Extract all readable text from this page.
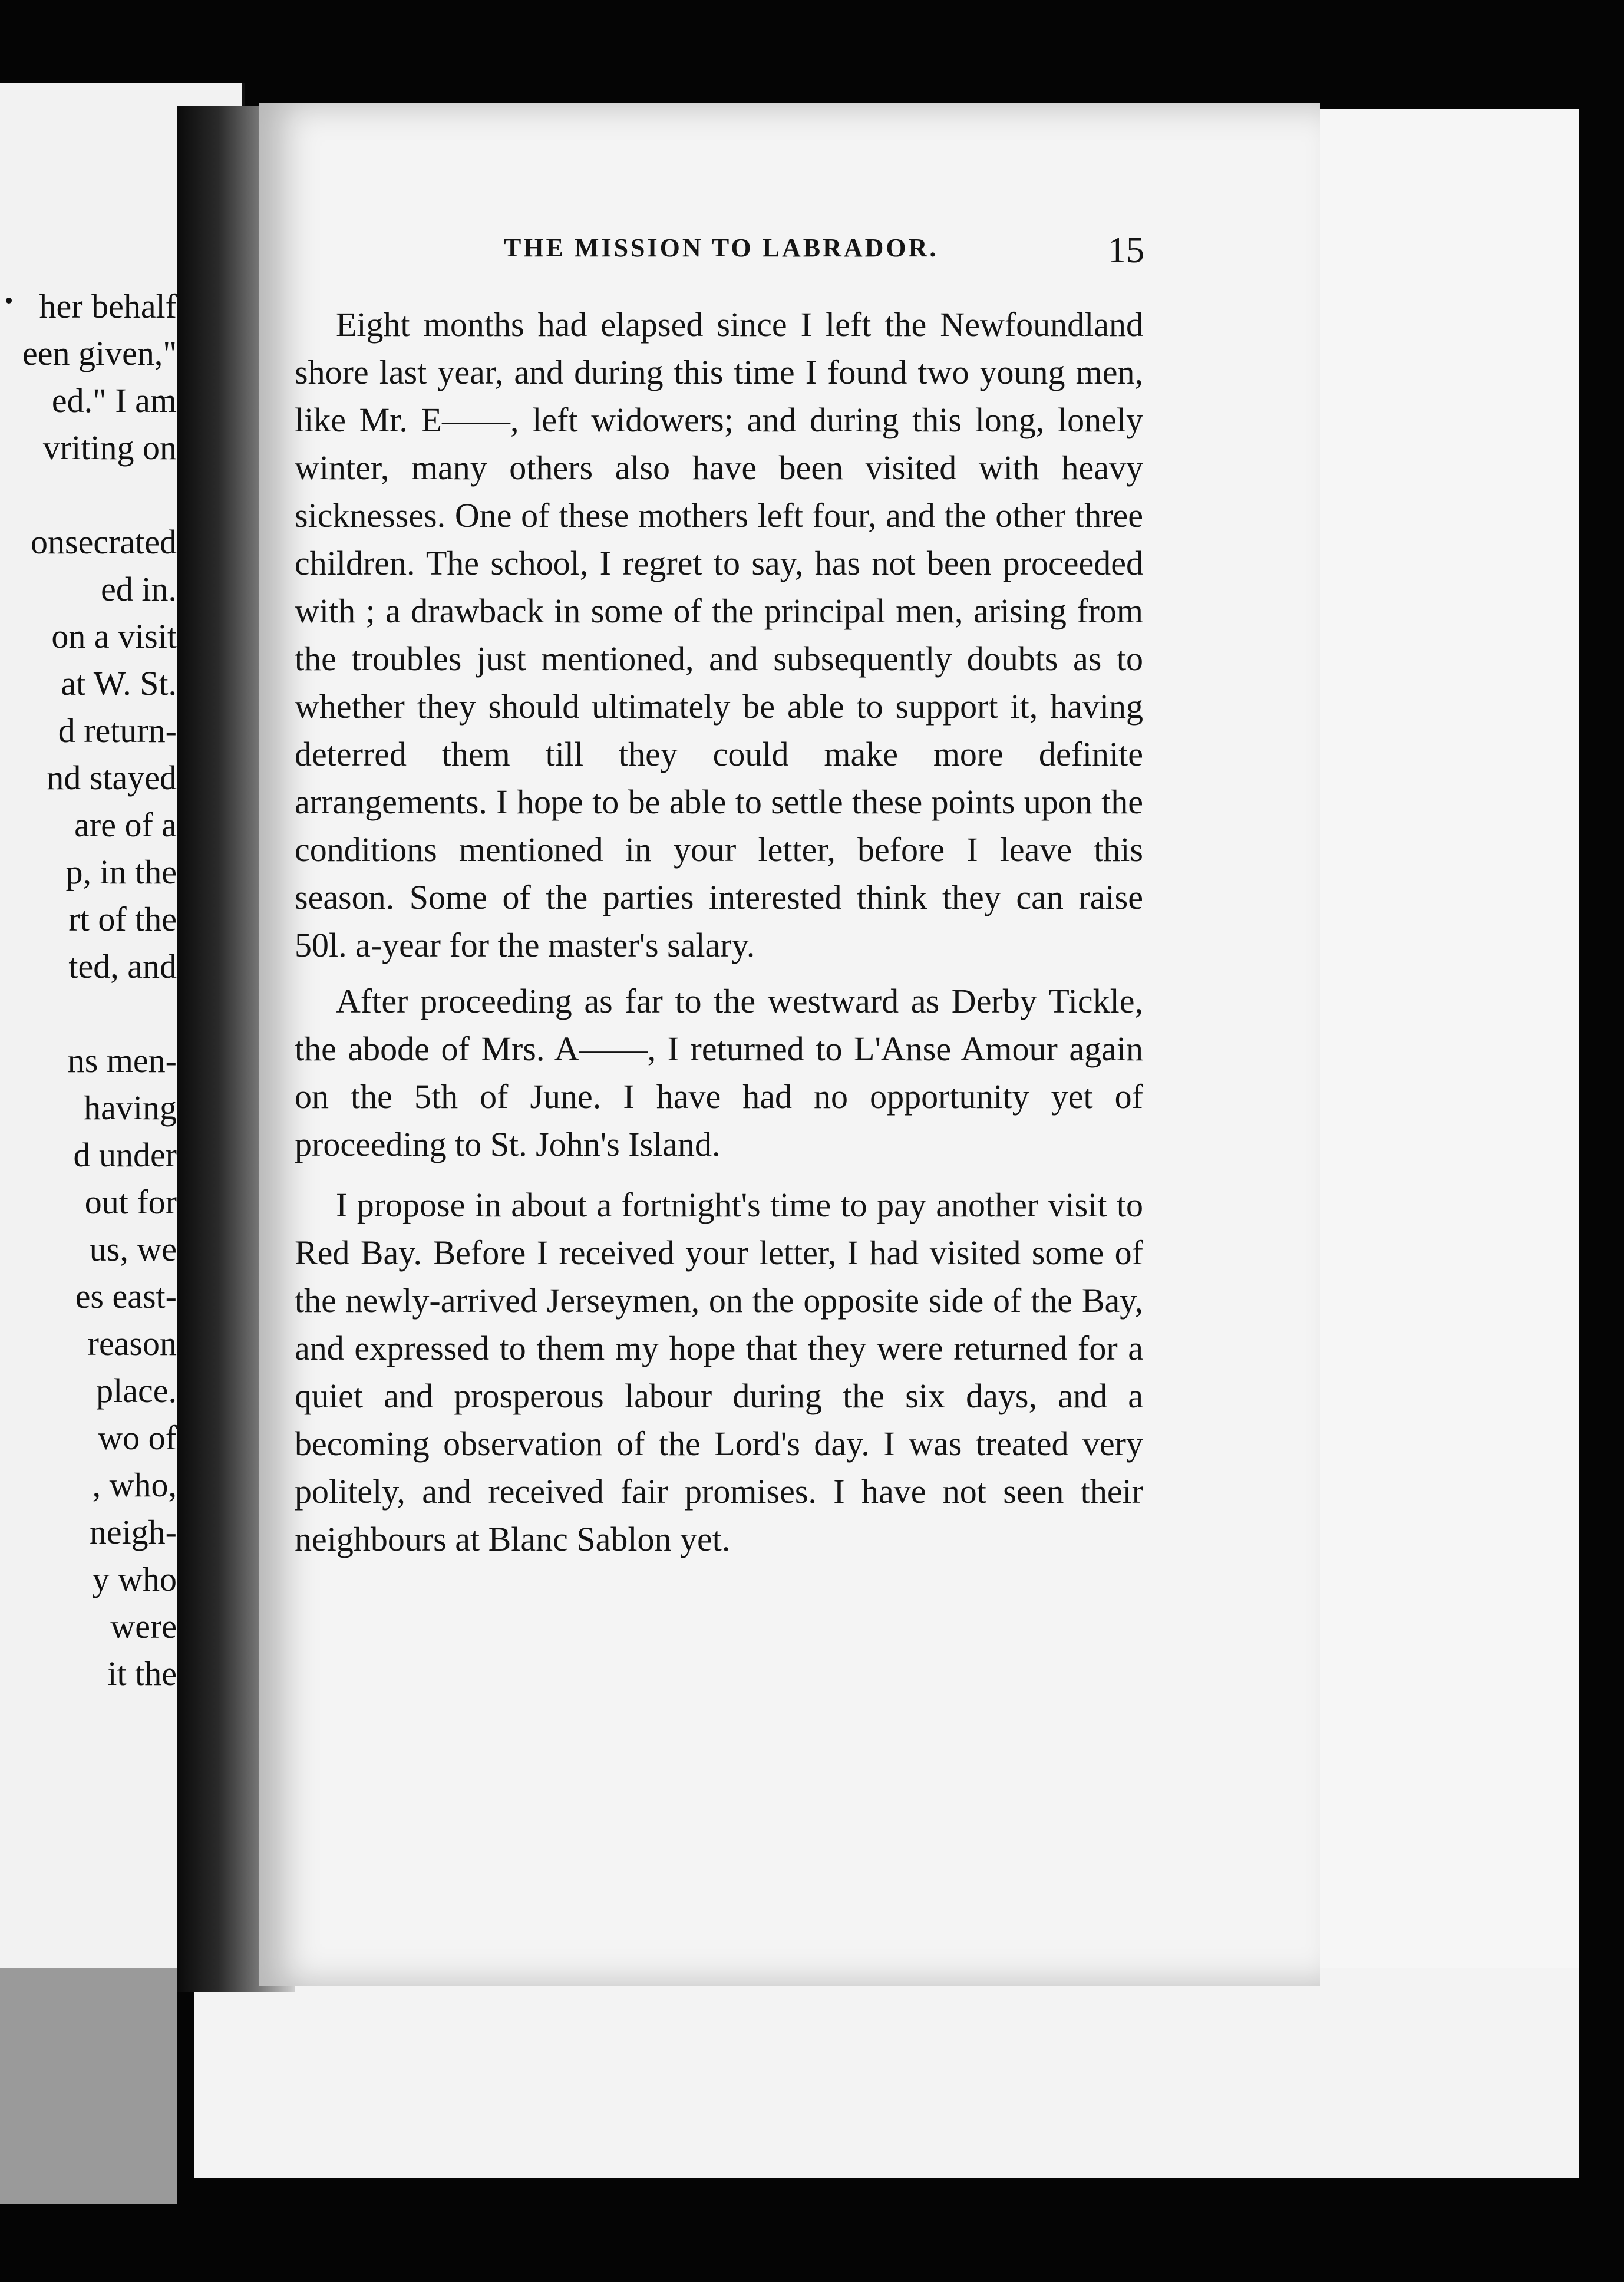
her behalf
een given,"
ed." I am
vriting on
onsecrated
ed in.
on a visit
at W. St.
d return-
nd stayed
are of a
p, in the
rt of the
ted, and
ns men-
having
d under
out for
us, we
es east-
reason
place.
wo of
, who,
neigh-
y who
were
it the
THE MISSION TO LABRADOR.	15

Eight months had elapsed since I left the Newfoundland shore last year, and during this time I found two young men, like Mr. E——, left widowers; and during this long, lonely winter, many others also have been visited with heavy sicknesses. One of these mothers left four, and the other three children. The school, I regret to say, has not been proceeded with ; a drawback in some of the principal men, arising from the troubles just mentioned, and subsequently doubts as to whether they should ultimately be able to support it, having deterred them till they could make more definite arrangements. I hope to be able to settle these points upon the conditions mentioned in your letter, before I leave this season. Some of the parties interested think they can raise 50l. a-year for the master's salary.

After proceeding as far to the westward as Derby Tickle, the abode of Mrs. A——, I returned to L'Anse Amour again on the 5th of June. I have had no opportunity yet of proceeding to St. John's Island.

I propose in about a fortnight's time to pay another visit to Red Bay. Before I received your letter, I had visited some of the newly-arrived Jerseymen, on the opposite side of the Bay, and expressed to them my hope that they were returned for a quiet and prosperous labour during the six days, and a becoming observation of the Lord's day. I was treated very politely, and received fair promises. I have not seen their neighbours at Blanc Sablon yet.
